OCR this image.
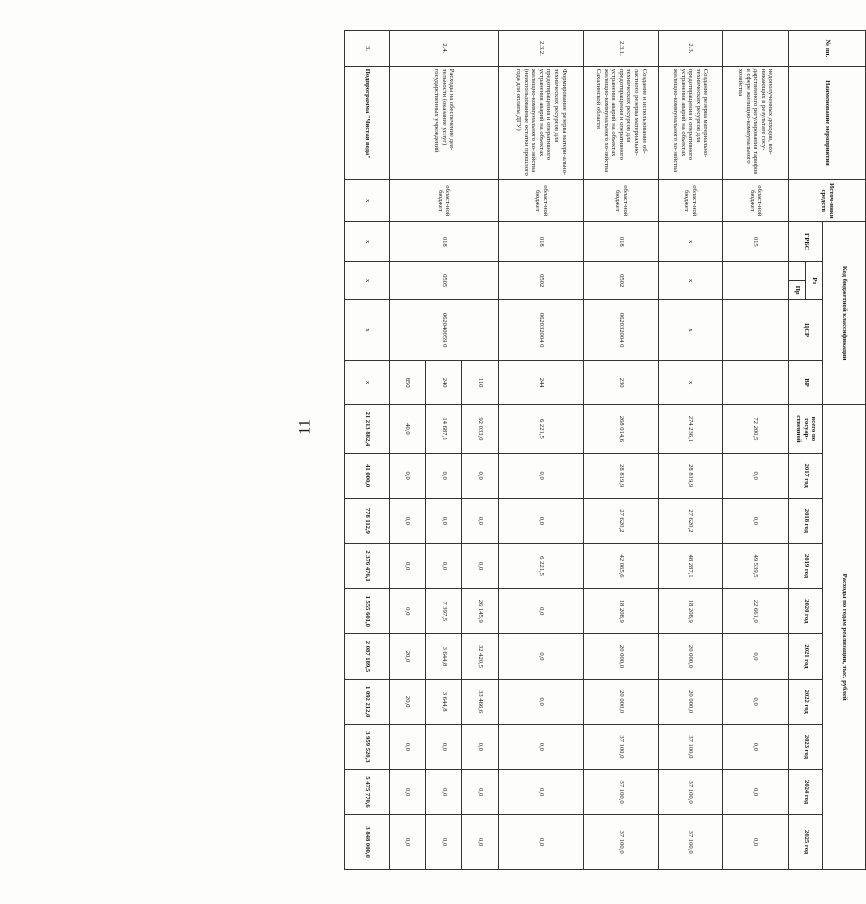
11
№ пп.	Наименование мероприятия	Источ-ники средств	Код бюджетной классификации					Расходы по годам реализации, тыс. рублей									
			ГРБС	Рз		ЦСР	ВР	всего по госуар-ственной	2017 год	2018 год	2019 год	2020 год	2021 год	2022 год	2023 год	2024 год	2025 год
					Пр												
	недополученных доходов, воз-никающих в результате госу-дарственного регулирования тарифов в сфере жилищно-коммунального хозяйства	област-ной бюджет	015					72 200,5	0,0	0,0	49 539,5	22 661,0	0,0	0,0	0,0	0,0	0,0
2.3.	Создание резерва материально-технических ресурсов для предотвращения и оперативного устранения аварий на объектах жилищно-коммунального хо-зяйства	област-ной бюджет	х	х		х	х	274 236,1	28 819,9	27 620,2	48 287,1	18 208,9	20 000,0	20 000,0	37 100,0	37 100,0	37 100,0
2.3.1.	Создание и использование об-ластного резерва материально-технических ресурсов для предотвращения и оперативного устранения аварий на объектах жилищно-коммунального хо-зяйства Сахалинской области	област-ной бюджет	018	0502		062032004 0	230	268 014,6	28 819,9	27 620,2	42 065,6	18 208,9	20 000,0	20 000,0	37 100,0	37 100,0	37 100,0
2.3.2.	Формирование резерва матери-ально-технических ресурсов для предотвращения и оперативного устранения аварий на объектах жилищно-коммунального хо-зяйства (неиспользованные остатки прошлого года для оплаты ДГУ)	област-ной бюджет	018	0502		062032004 0	244	6 221,5	0,0	0,0	6 221,5	0,0	0,0	0,0	0,0	0,0	0,0
2.4.	Расходы на обеспечение дея-тельности (оказание услуг) государственных учреждений	област-ной бюджет	018	0505		062040059 0	110	92 033,0	0,0	0,0	0,0	26 145,9	32 420,5	33 466,6	0,0	0,0	0,0
							240	14 687,1	0,0	0,0	0,0	7 397,5	3 644,8	3 644,8	0,0	0,0	0,0
							850	40,0	0,0	0,0	0,0	0,0	20,0	20,0	0,0	0,0	0,0
3.	Подпрограмма "Чистая вода"	х	х	х		х	х	21 213 882,4	41 000,0	778 112,9	2 376 476,1	1 555 601,0	2 087 189,5	1 092 212,0	3 959 520,3	5 475 770,6	3 848 000,0
